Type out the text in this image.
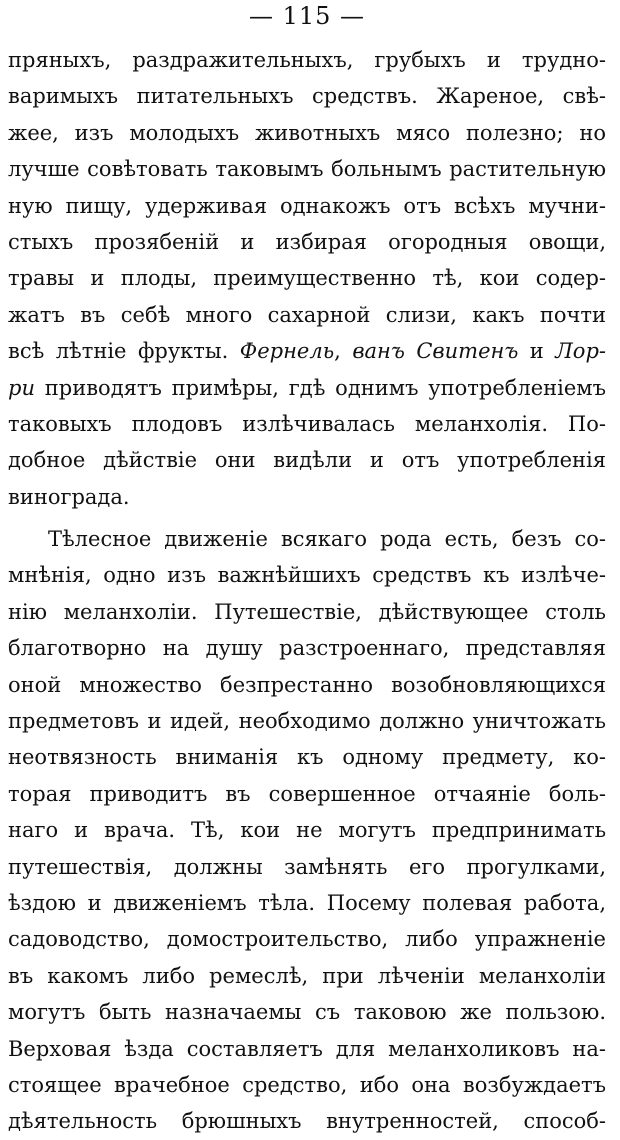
— 115 —
пряныхъ, раздражительныхъ, грубыхъ и трудно-
варимыхъ питательныхъ средствъ. Жареное, свѣ-
жее, изъ молодыхъ животныхъ мясо полезно; но
лучше совѣтовать таковымъ больнымъ растительную
ную пищу, удерживая однакожъ отъ всѣхъ мучни-
стыхъ прозябеній и избирая огородныя овощи,
травы и плоды, преимущественно тѣ, кои содер-
жатъ въ себѣ много сахарной слизи, какъ почти
всѣ лѣтніе фрукты. Фернель, ванъ Свитенъ и Лор-
ри приводятъ примѣры, гдѣ однимъ употребленіемъ
таковыхъ плодовъ излѣчивалась меланхолія. По-
добное дѣйствіе они видѣли и отъ употребленія
винограда.
Тѣлесное движеніе всякаго рода есть, безъ со-
мнѣнія, одно изъ важнѣйшихъ средствъ къ излѣче-
нію меланхоліи. Путешествіе, дѣйствующее столь
благотворно на душу разстроеннаго, представляя
оной множество безпрестанно возобновляющихся
предметовъ и идей, необходимо должно уничтожать
неотвязность вниманія къ одному предмету, ко-
торая приводитъ въ совершенное отчаяніе боль-
наго и врача. Тѣ, кои не могутъ предпринимать
путешествія, должны замѣнять его прогулками,
ѣздою и движеніемъ тѣла. Посему полевая работа,
садоводство, домостроительство, либо упражненіе
въ какомъ либо ремеслѣ, при лѣченіи меланхоліи
могутъ быть назначаемы съ таковою же пользою.
Верховая ѣзда составляетъ для меланхоликовъ на-
стоящее врачебное средство, ибо она возбуждаетъ
дѣятельность брюшныхъ внутренностей, способ-
